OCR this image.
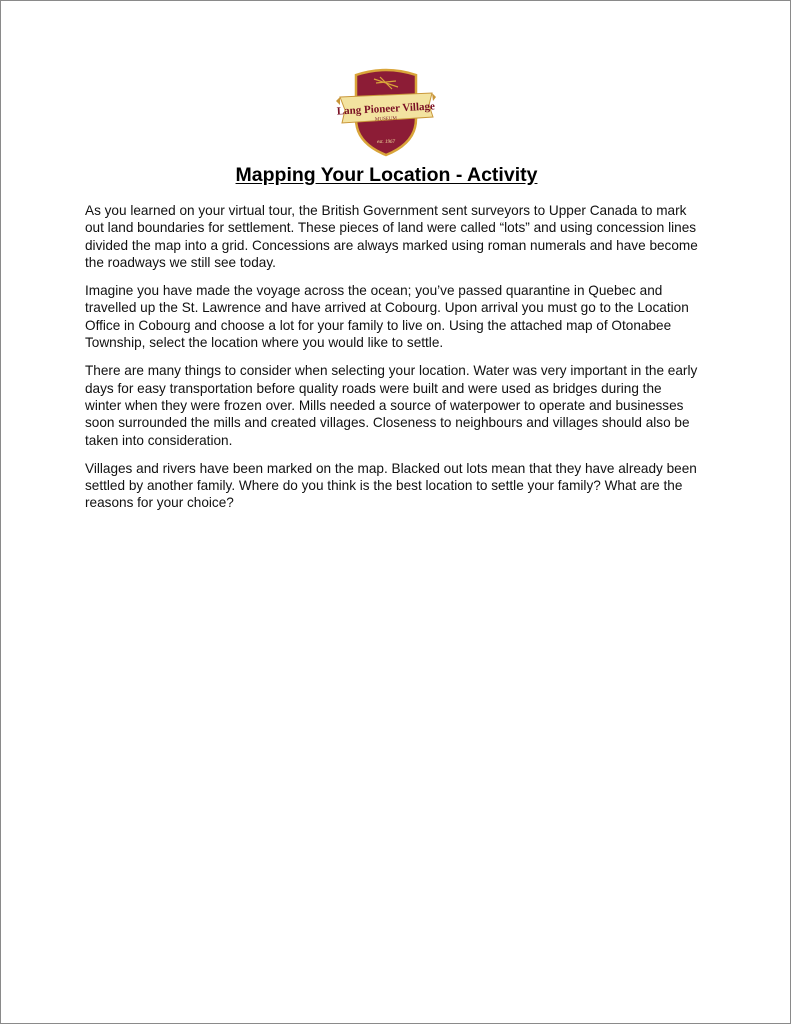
Lang Pioneer Village
MUSEUM
est. 1967
Mapping Your Location - Activity

As you learned on your virtual tour, the British Government sent surveyors to Upper Canada to mark out land boundaries for settlement. These pieces of land were called “lots” and using concession lines divided the map into a grid. Concessions are always marked using roman numerals and have become the roadways we still see today.

Imagine you have made the voyage across the ocean; you’ve passed quarantine in Quebec and travelled up the St. Lawrence and have arrived at Cobourg. Upon arrival you must go to the Location Office in Cobourg and choose a lot for your family to live on. Using the attached map of Otonabee Township, select the location where you would like to settle.

There are many things to consider when selecting your location. Water was very important in the early days for easy transportation before quality roads were built and were used as bridges during the winter when they were frozen over. Mills needed a source of waterpower to operate and businesses soon surrounded the mills and created villages. Closeness to neighbours and villages should also be taken into consideration.

Villages and rivers have been marked on the map. Blacked out lots mean that they have already been settled by another family. Where do you think is the best location to settle your family? What are the reasons for your choice?
